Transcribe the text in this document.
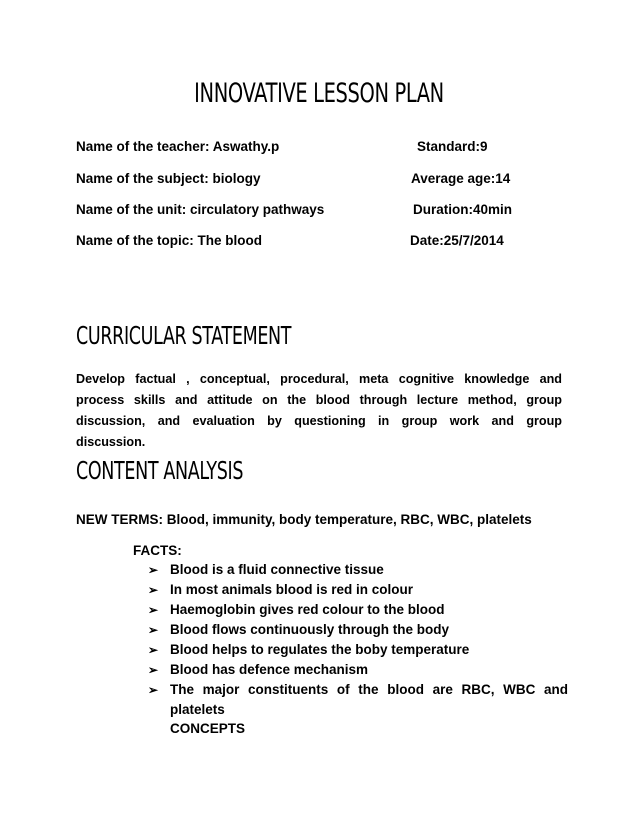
INNOVATIVE LESSON PLAN
Name of the teacher: Aswathy.p	Standard:9
Name of the subject: biology	Average age:14
Name of the unit: circulatory pathways	Duration:40min
Name of the topic: The blood	Date:25/7/2014
CURRICULAR STATEMENT
Develop factual , conceptual, procedural, meta cognitive knowledge and
process skills and attitude on the blood through lecture method, group
discussion, and evaluation by questioning in group work and group
discussion.
CONTENT ANALYSIS
NEW TERMS: Blood, immunity, body temperature, RBC, WBC, platelets
FACTS:
➢ Blood is a fluid connective tissue
➢ In most animals blood is red in colour
➢ Haemoglobin gives red colour to the blood
➢ Blood flows continuously through the body
➢ Blood helps to regulates the boby temperature
➢ Blood has defence mechanism
➢ The major constituents of the blood are RBC, WBC and
platelets
CONCEPTS
